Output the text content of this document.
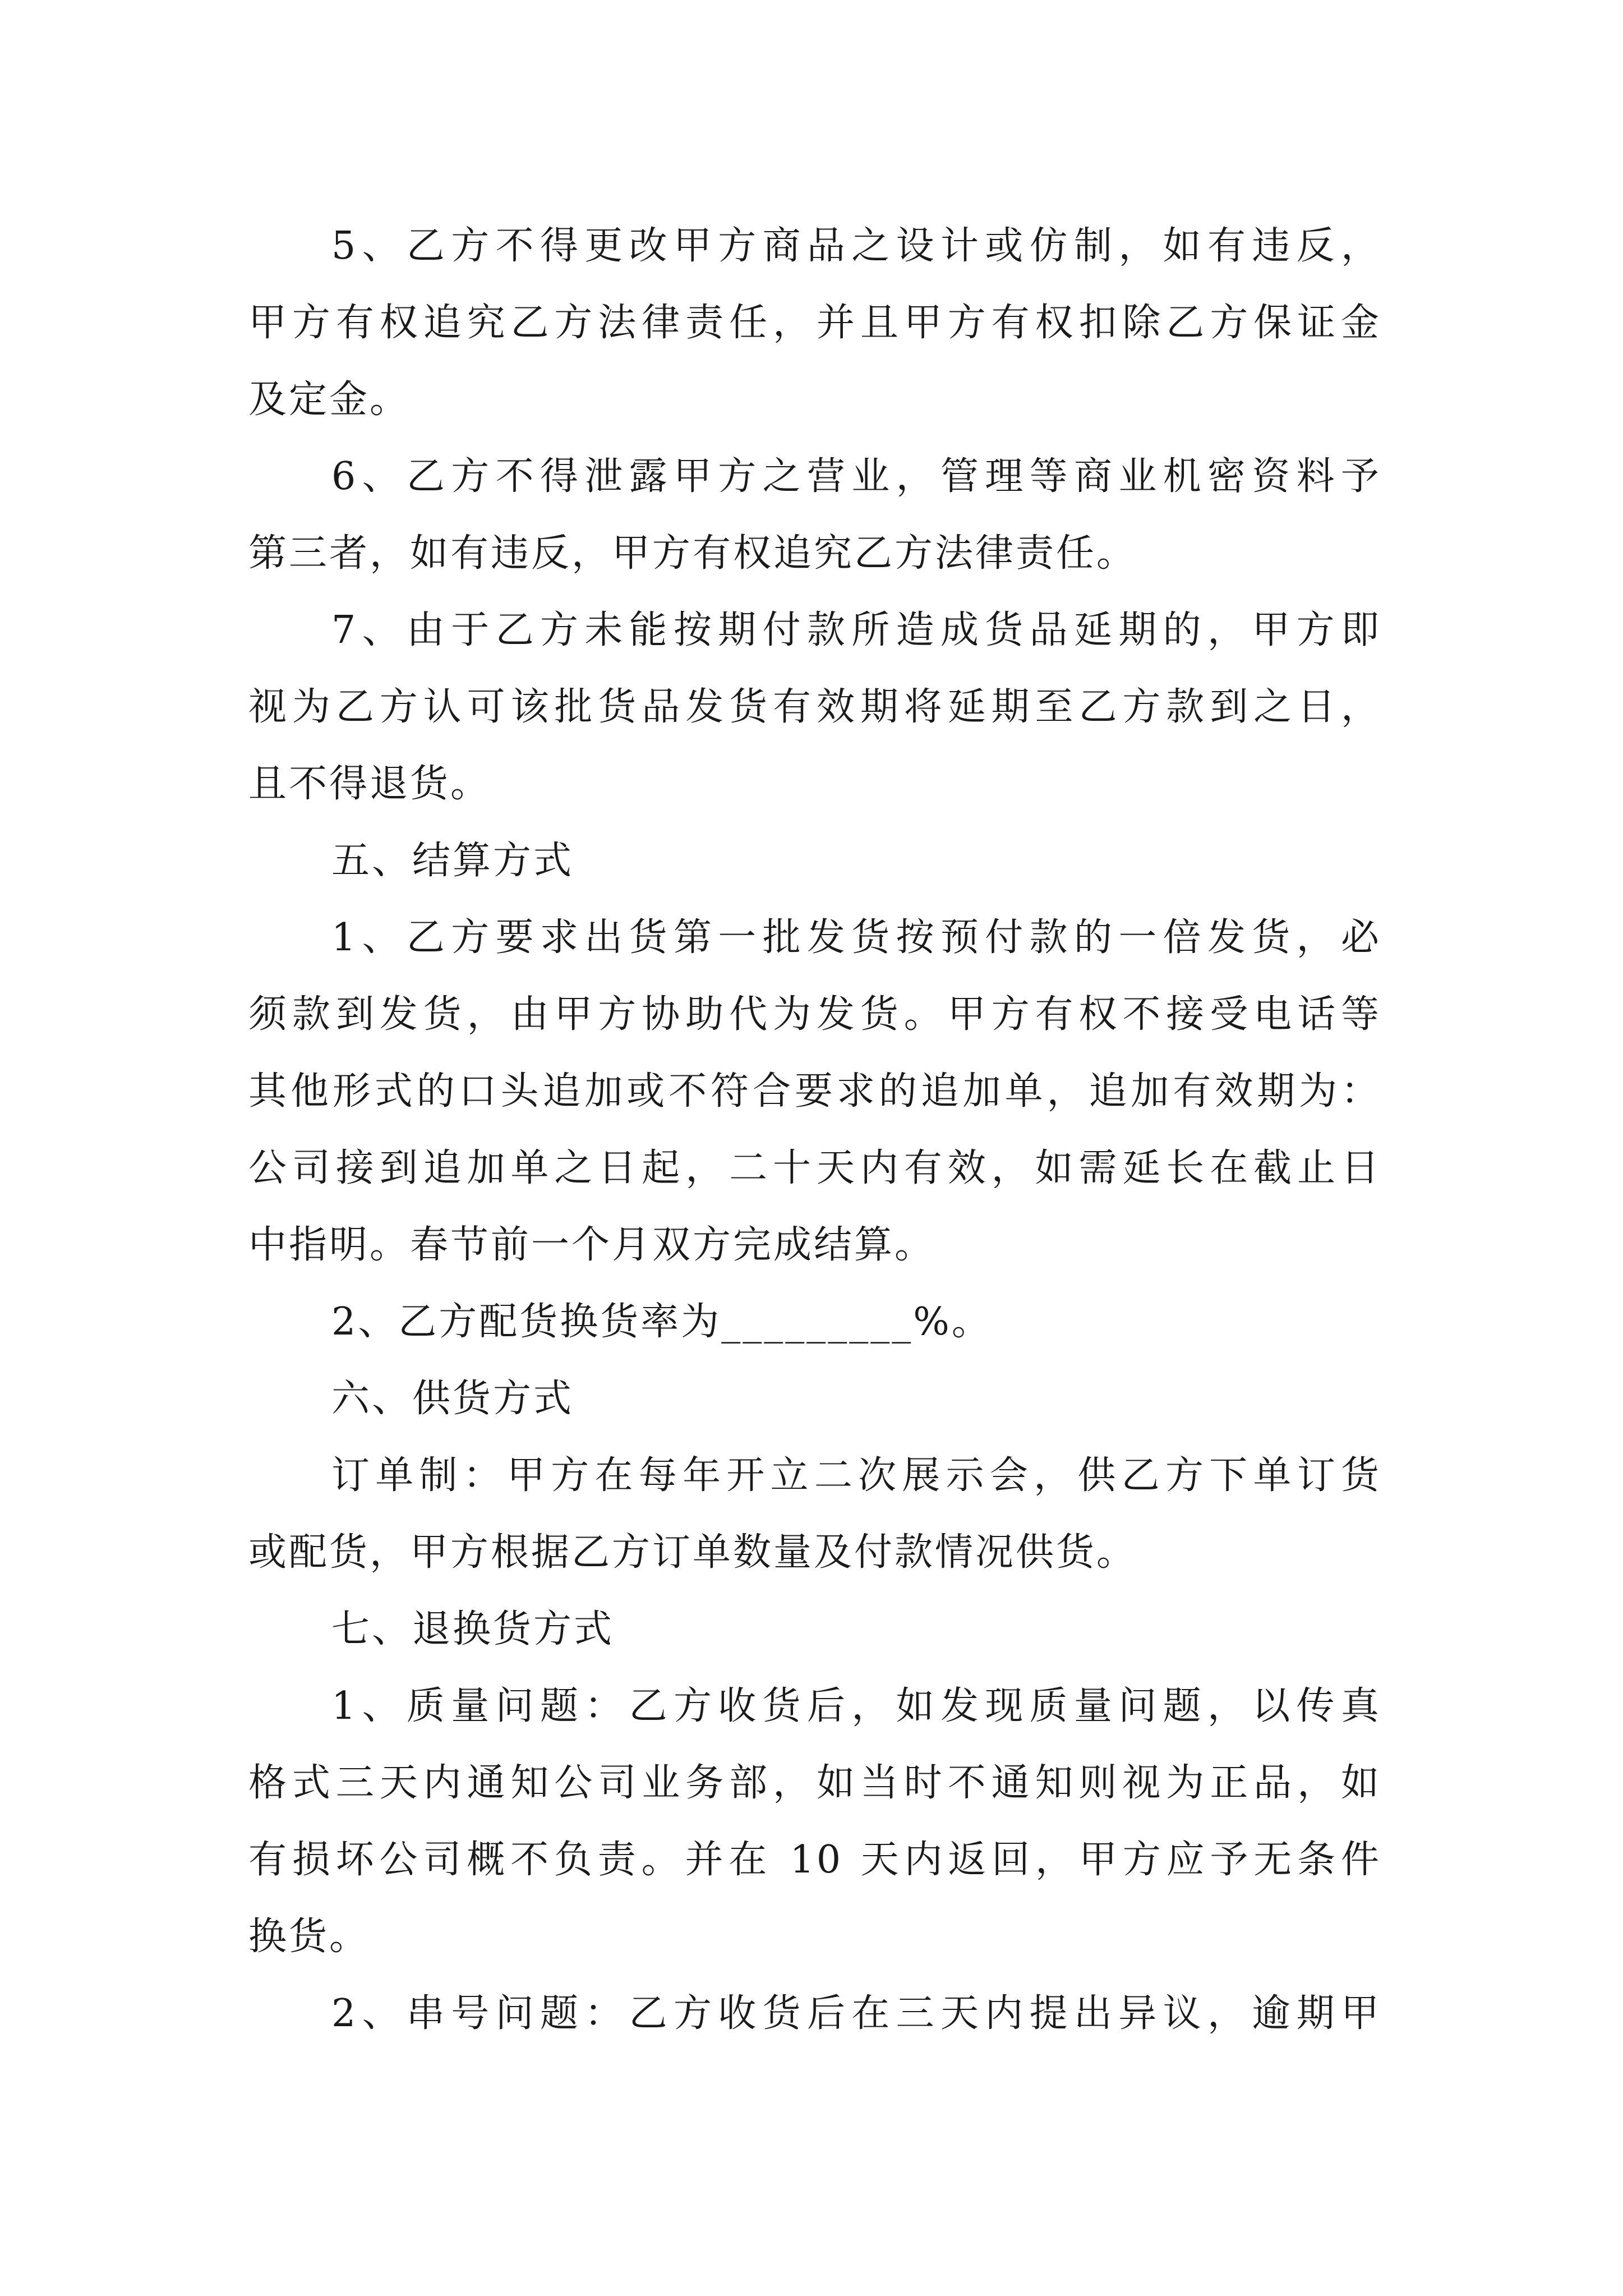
5、乙方不得更改甲方商品之设计或仿制，如有违反，
甲方有权追究乙方法律责任，并且甲方有权扣除乙方保证金
及定金。
6、乙方不得泄露甲方之营业，管理等商业机密资料予
第三者，如有违反，甲方有权追究乙方法律责任。
7、由于乙方未能按期付款所造成货品延期的，甲方即
视为乙方认可该批货品发货有效期将延期至乙方款到之日，
且不得退货。
五、结算方式
1、乙方要求出货第一批发货按预付款的一倍发货，必
须款到发货，由甲方协助代为发货。甲方有权不接受电话等
其他形式的口头追加或不符合要求的追加单，追加有效期为：
公司接到追加单之日起，二十天内有效，如需延长在截止日
中指明。春节前一个月双方完成结算。
2、乙方配货换货率为_________%。
六、供货方式
订单制：甲方在每年开立二次展示会，供乙方下单订货
或配货，甲方根据乙方订单数量及付款情况供货。
七、退换货方式
1、质量问题：乙方收货后，如发现质量问题，以传真
格式三天内通知公司业务部，如当时不通知则视为正品，如
有损坏公司概不负责。并在 10 天内返回，甲方应予无条件
换货。
2、串号问题：乙方收货后在三天内提出异议，逾期甲
